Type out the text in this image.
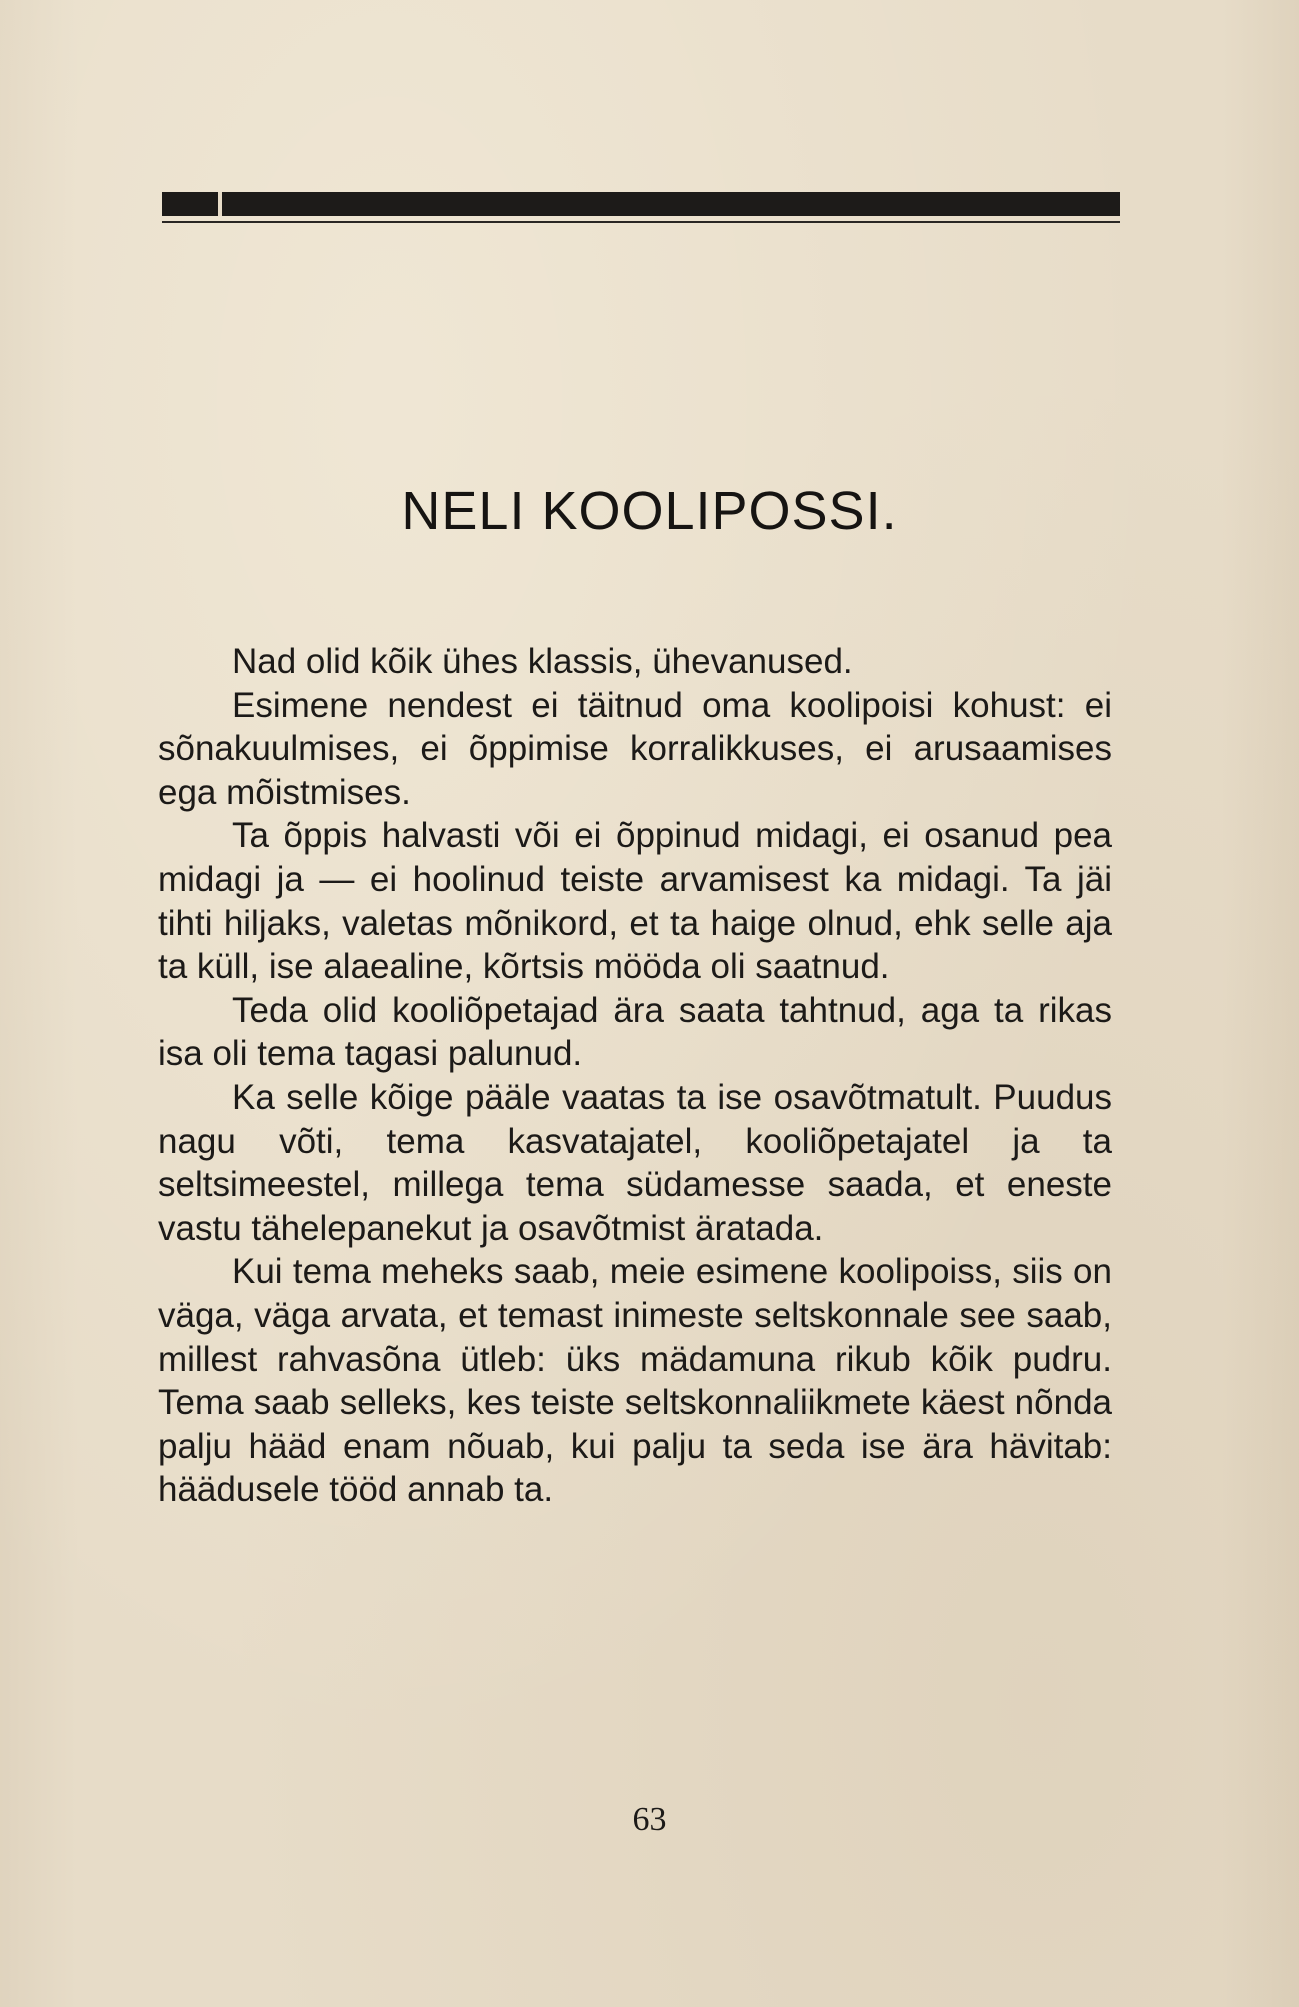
NELI KOOLIPOSSI.

Nad olid kõik ühes klassis, ühevanused.

Esimene nendest ei täitnud oma koolipoisi kohust: ei sõnakuulmises, ei õppimise korralikkuses, ei arusaamises ega mõistmises.

Ta õppis halvasti või ei õppinud midagi, ei osanud pea midagi ja — ei hoolinud teiste arvamisest ka midagi. Ta jäi tihti hiljaks, valetas mõnikord, et ta haige olnud, ehk selle aja ta küll, ise alaealine, kõrtsis mööda oli saatnud.

Teda olid kooliõpetajad ära saata tahtnud, aga ta rikas isa oli tema tagasi palunud.

Ka selle kõige pääle vaatas ta ise osavõtmatult. Puudus nagu võti, tema kasvatajatel, kooliõpetajatel ja ta seltsimeestel, millega tema südamesse saada, et eneste vastu tähelepanekut ja osavõtmist äratada.

Kui tema meheks saab, meie esimene koolipoiss, siis on väga, väga arvata, et temast inimeste seltskonnale see saab, millest rahvasõna ütleb: üks mädamuna rikub kõik pudru. Tema saab selleks, kes teiste seltskonnaliikmete käest nõnda palju hääd enam nõuab, kui palju ta seda ise ära hävitab: häädusele tööd annab ta.

63
